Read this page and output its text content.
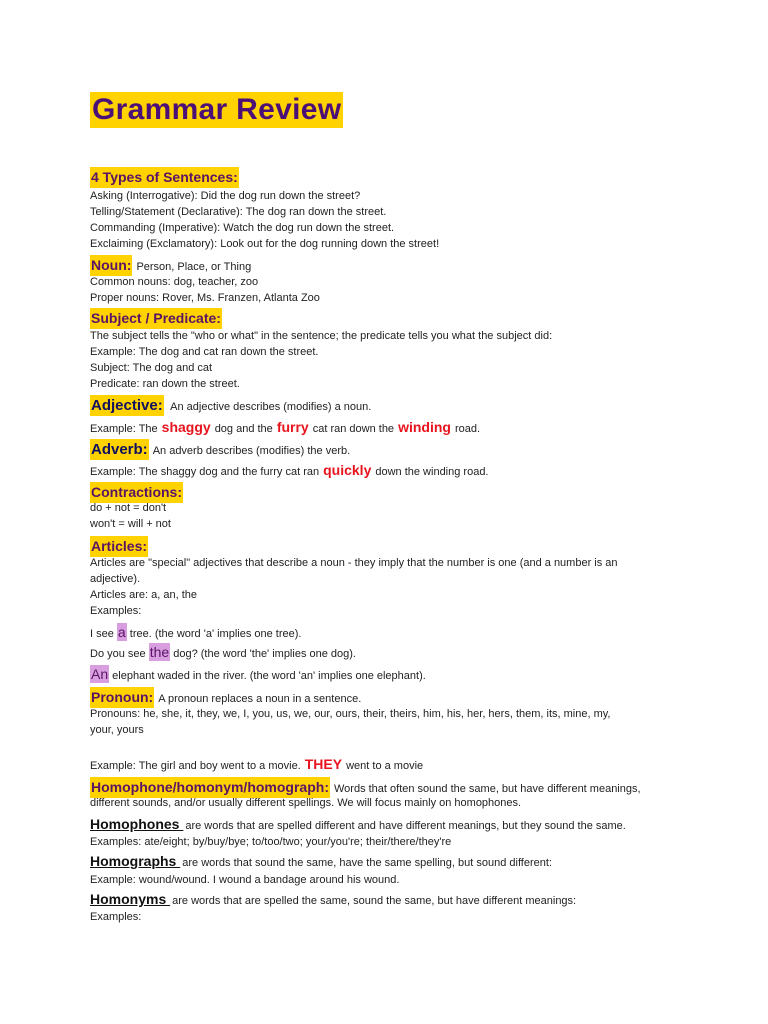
Grammar Review
4 Types of Sentences:
Asking (Interrogative): Did the dog run down the street?
Telling/Statement (Declarative): The dog ran down the street.
Commanding (Imperative): Watch the dog run down the street.
Exclaiming (Exclamatory): Look out for the dog running down the street!
Noun: Person, Place, or Thing
Common nouns: dog, teacher, zoo
Proper nouns: Rover, Ms. Franzen, Atlanta Zoo
Subject / Predicate:
The subject tells the "who or what" in the sentence; the predicate tells you what the subject did:
Example: The dog and cat ran down the street.
Subject: The dog and cat
Predicate: ran down the street.
Adjective: An adjective describes (modifies) a noun.
Example: The shaggy dog and the furry cat ran down the winding road.
Adverb: An adverb describes (modifies) the verb.
Example: The shaggy dog and the furry cat ran quickly down the winding road.
Contractions:
do + not = don't
won't = will + not
Articles:
Articles are "special" adjectives that describe a noun - they imply that the number is one (and a number is an
adjective).
Articles are: a, an, the
Examples:
I see a tree. (the word 'a' implies one tree).
Do you see the dog? (the word 'the' implies one dog).
An elephant waded in the river. (the word 'an' implies one elephant).
Pronoun: A pronoun replaces a noun in a sentence.
Pronouns: he, she, it, they, we, I, you, us, we, our, ours, their, theirs, him, his, her, hers, them, its, mine, my,
your, yours
Example: The girl and boy went to a movie. THEY went to a movie
Homophone/homonym/homograph: Words that often sound the same, but have different meanings,
different sounds, and/or usually different spellings. We will focus mainly on homophones.
Homophones are words that are spelled different and have different meanings, but they sound the same.
Examples: ate/eight; by/buy/bye; to/too/two; your/you're; their/there/they're
Homographs are words that sound the same, have the same spelling, but sound different:
Example: wound/wound. I wound a bandage around his wound.
Homonyms are words that are spelled the same, sound the same, but have different meanings:
Examples:
